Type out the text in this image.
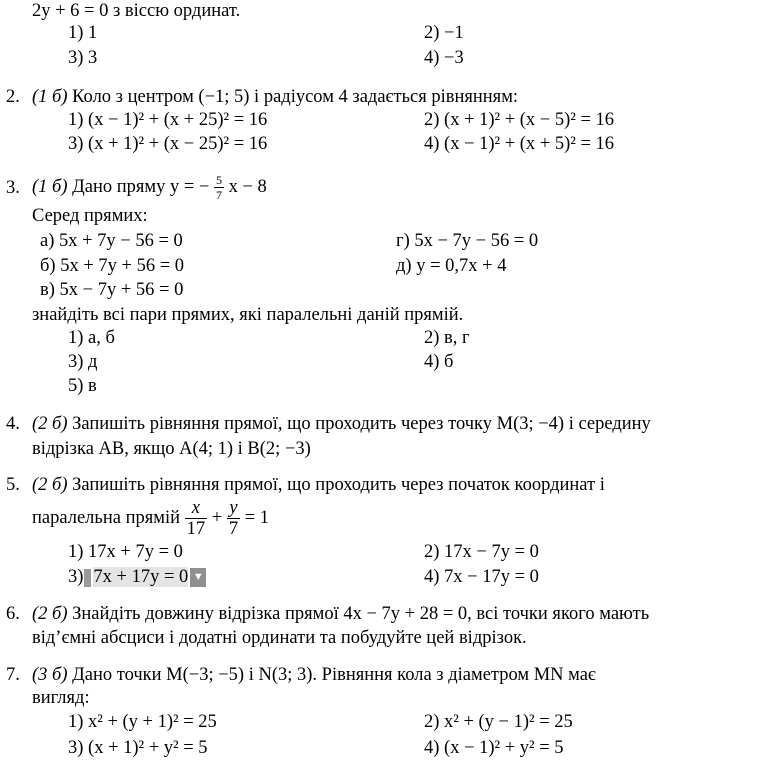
2y + 6 = 0 з віссю ординат.
1) 1	2) −1
3) 3	4) −3
2. (1 б) Коло з центром (−1; 5) і радіусом 4 задається рівнянням:
1) (x − 1)² + (x + 25)² = 16	2) (x + 1)² + (x − 5)² = 16
3) (x + 1)² + (x − 25)² = 16	4) (x − 1)² + (x + 5)² = 16
3. (1 б) Дано пряму y = − $\frac{5}{7}$ x − 8
Серед прямих:
а) 5x + 7y − 56 = 0	г) 5x − 7y − 56 = 0
б) 5x + 7y + 56 = 0	д) y = 0,7x + 4
в) 5x − 7y + 56 = 0
знайдіть всі пари прямих, які паралельні даній прямій.
1) а, б	2) в, г
3) д	4) б
5) в
4. (2 б) Запишіть рівняння прямої, що проходить через точку M(3; −4) і середину
відрізка AB, якщо A(4; 1) і B(2; −3)
5. (2 б) Запишіть рівняння прямої, що проходить через початок координат і
паралельна прямій $\frac{x}{17} + \frac{y}{7} = 1$
1) 17x + 7y = 0	2) 17x − 7y = 0
3) 7x + 17y = 0 ▼	4) 7x − 17y = 0
6. (2 б) Знайдіть довжину відрізка прямої 4x − 7y + 28 = 0, всі точки якого мають
від’ємні абсциси і додатні ординати та побудуйте цей відрізок.
7. (3 б) Дано точки M(−3; −5) і N(3; 3). Рівняння кола з діаметром MN має
вигляд:
1) x² + (y + 1)² = 25	2) x² + (y − 1)² = 25
3) (x + 1)² + y² = 5	4) (x − 1)² + y² = 5
